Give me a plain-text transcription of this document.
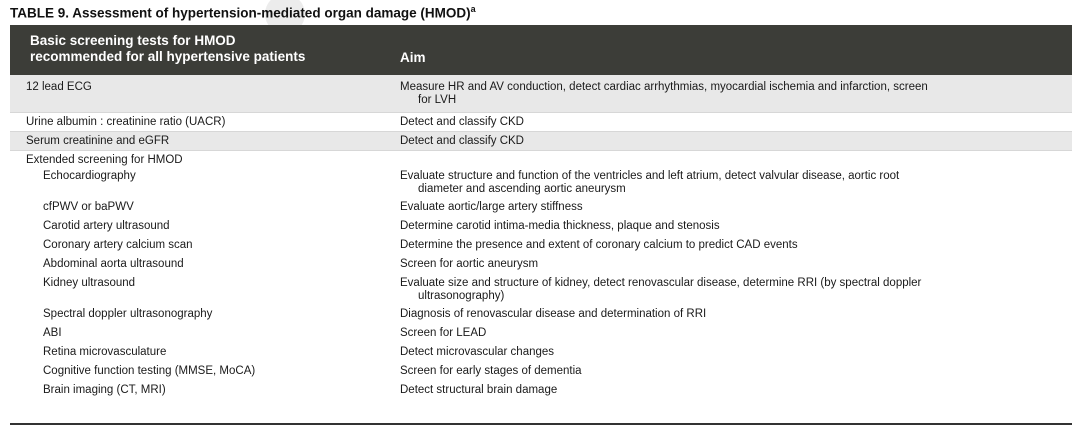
TABLE 9. Assessment of hypertension-mediated organ damage (HMOD)$^a$
Basic screening tests for HMOD
recommended for all hypertensive patients	Aim
12 lead ECG	Measure HR and AV conduction, detect cardiac arrhythmias, myocardial ischemia and infarction, screen
for LVH
Urine albumin : creatinine ratio (UACR)	Detect and classify CKD
Serum creatinine and eGFR	Detect and classify CKD
Extended screening for HMOD
Echocardiography	Evaluate structure and function of the ventricles and left atrium, detect valvular disease, aortic root
diameter and ascending aortic aneurysm
cfPWV or baPWV	Evaluate aortic/large artery stiffness
Carotid artery ultrasound	Determine carotid intima-media thickness, plaque and stenosis
Coronary artery calcium scan	Determine the presence and extent of coronary calcium to predict CAD events
Abdominal aorta ultrasound	Screen for aortic aneurysm
Kidney ultrasound	Evaluate size and structure of kidney, detect renovascular disease, determine RRI (by spectral doppler
ultrasonography)
Spectral doppler ultrasonography	Diagnosis of renovascular disease and determination of RRI
ABI	Screen for LEAD
Retina microvasculature	Detect microvascular changes
Cognitive function testing (MMSE, MoCA)	Screen for early stages of dementia
Brain imaging (CT, MRI)	Detect structural brain damage
